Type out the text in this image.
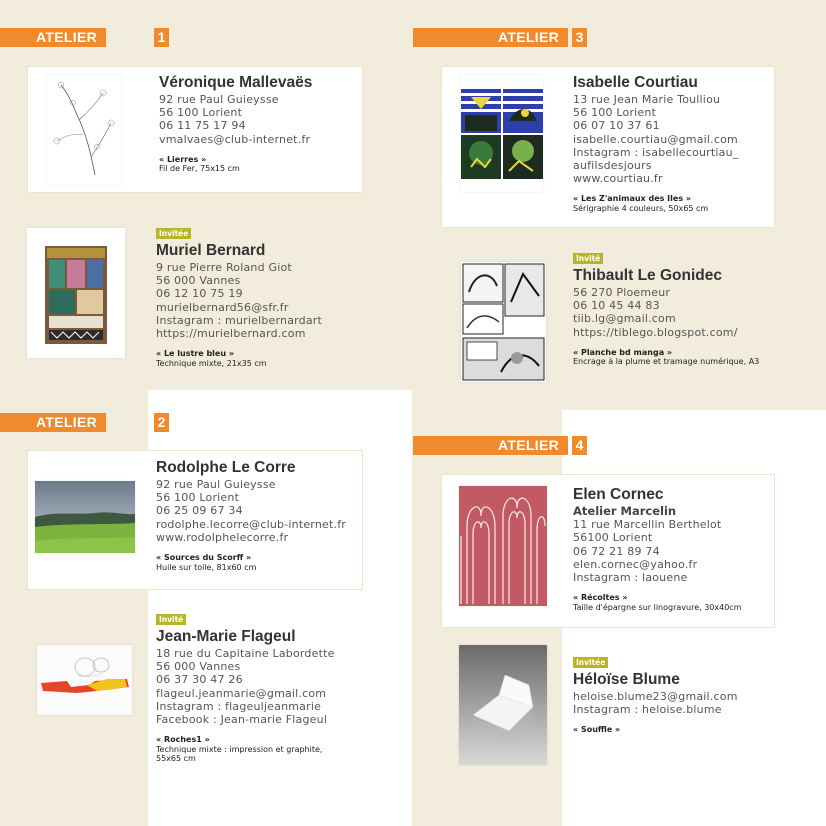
ATELIER	1
ATELIER	2
ATELIER	3
ATELIER	4
Véronique Mallevaës
92 rue Paul Guieysse
56 100 Lorient
06 11 75 17 94
vmalvaes@club-internet.fr
« Lierres »
Fil de Fer, 75x15 cm
Invitée
Muriel Bernard
9 rue Pierre Roland Giot
56 000 Vannes
06 12 10 75 19
murielbernard56@sfr.fr
Instagram : murielbernardart
https://murielbernard.com
« Le lustre bleu »
Technique mixte, 21x35 cm
Rodolphe Le Corre
92 rue Paul Guieysse
56 100 Lorient
06 25 09 67 34
rodolphe.lecorre@club-internet.fr
www.rodolphelecorre.fr
« Sources du Scorff »
Huile sur toile, 81x60 cm
Invité
Jean-Marie Flageul
18 rue du Capitaine Labordette
56 000 Vannes
06 37 30 47 26
flageul.jeanmarie@gmail.com
Instagram : flageuljeanmarie
Facebook : Jean-marie Flageul
« Roches1 »
Technique mixte : impression et graphite,
55x65 cm
Isabelle Courtiau
13 rue Jean Marie Toulliou
56 100 Lorient
06 07 10 37 61
isabelle.courtiau@gmail.com
Instagram : isabellecourtiau_
aufilsdesjours
www.courtiau.fr
« Les Z'animaux des Iles »
Sérigraphie 4 couleurs, 50x65 cm
Invité
Thibault Le Gonidec
56 270 Ploemeur
06 10 45 44 83
tiib.lg@gmail.com
https://tiblego.blogspot.com/
« Planche bd manga »
Encrage à la plume et tramage numérique, A3
Elen Cornec
Atelier Marcelin
11 rue Marcellin Berthelot
56100 Lorient
06 72 21 89 74
elen.cornec@yahoo.fr
Instagram : laouene
« Récoltes »
Taille d'épargne sur linogravure, 30x40cm
Invitée
Héloïse Blume
heloise.blume23@gmail.com
Instagram : heloise.blume
« Souffle »
